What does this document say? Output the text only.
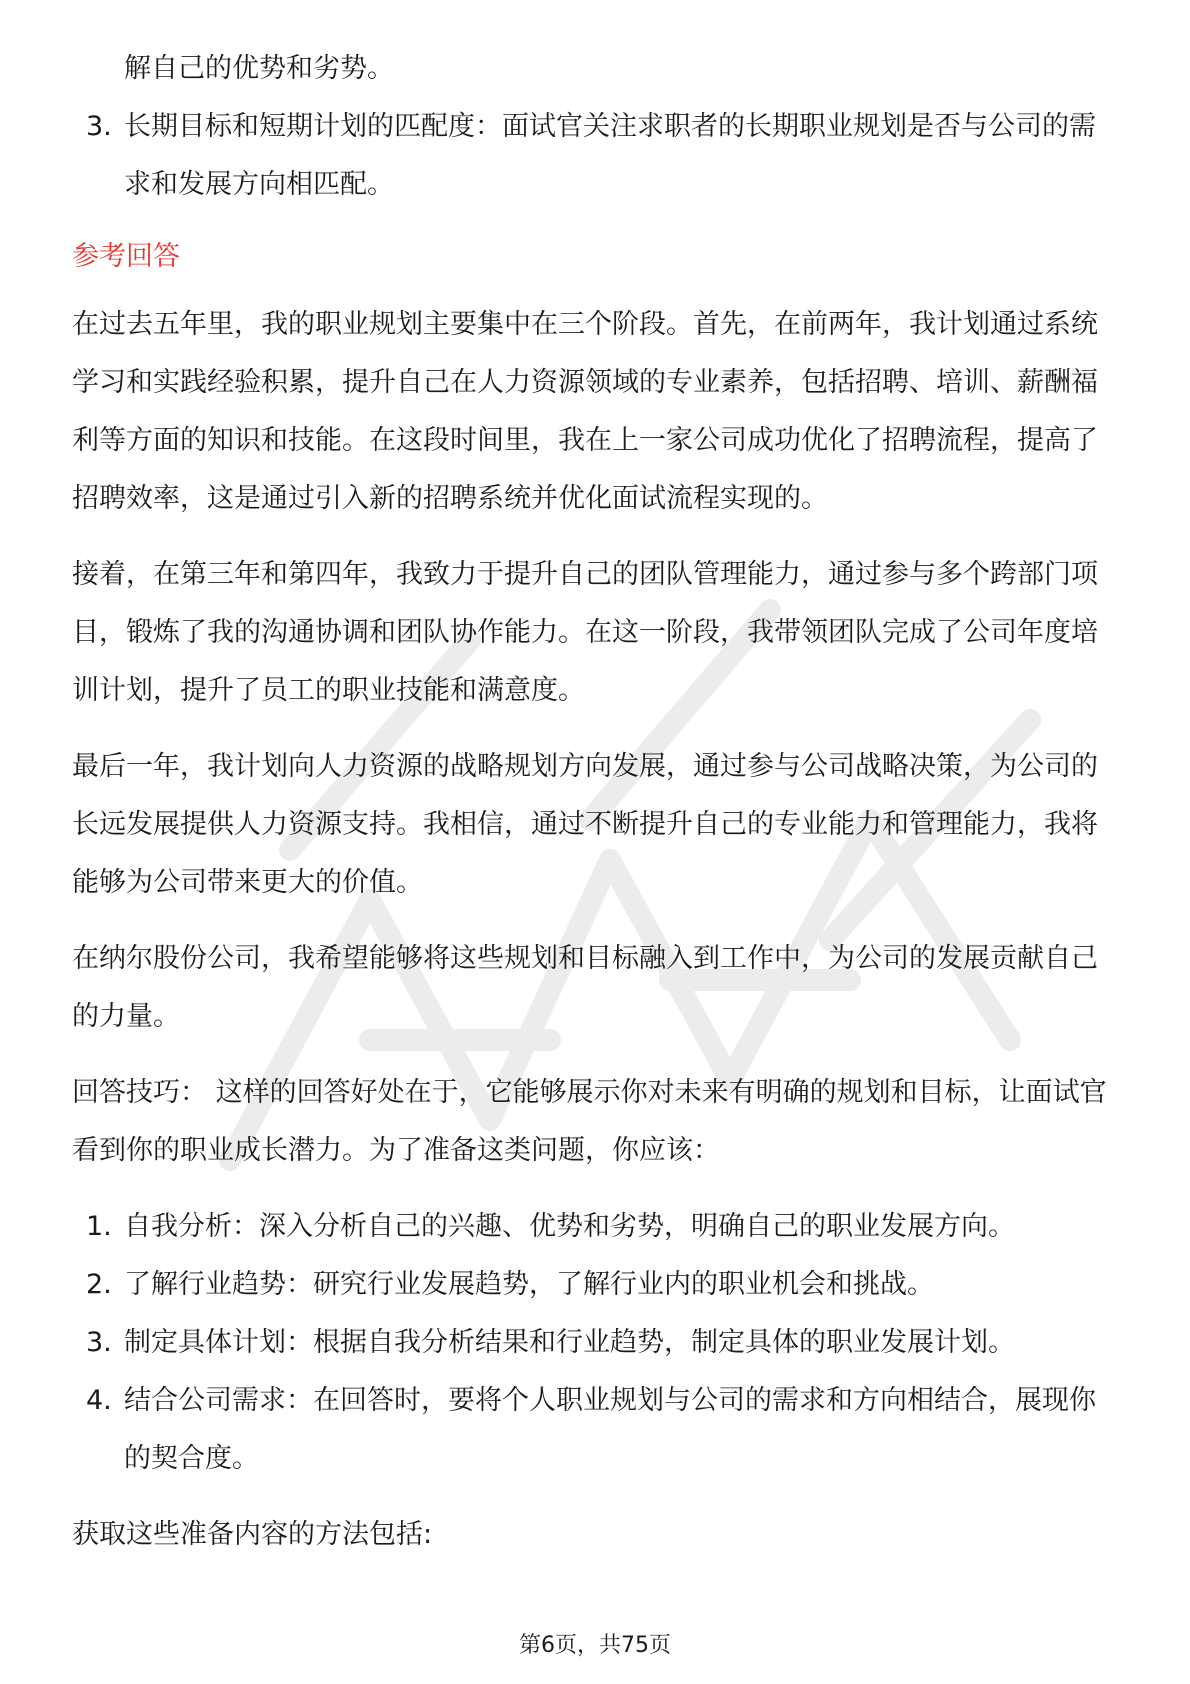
解自己的优势和劣势。

3. 长期目标和短期计划的匹配度：面试官关注求职者的长期职业规划是否与公司的需求和发展方向相匹配。
参考回答

在过去五年里，我的职业规划主要集中在三个阶段。首先，在前两年，我计划通过系统学习和实践经验积累，提升自己在人力资源领域的专业素养，包括招聘、培训、薪酬福利等方面的知识和技能。在这段时间里，我在上一家公司成功优化了招聘流程，提高了招聘效率，这是通过引入新的招聘系统并优化面试流程实现的。

接着，在第三年和第四年，我致力于提升自己的团队管理能力，通过参与多个跨部门项目，锻炼了我的沟通协调和团队协作能力。在这一阶段，我带领团队完成了公司年度培训计划，提升了员工的职业技能和满意度。

最后一年，我计划向人力资源的战略规划方向发展，通过参与公司战略决策，为公司的长远发展提供人力资源支持。我相信，通过不断提升自己的专业能力和管理能力，我将能够为公司带来更大的价值。

在纳尔股份公司，我希望能够将这些规划和目标融入到工作中，为公司的发展贡献自己的力量。

回答技巧： 这样的回答好处在于，它能够展示你对未来有明确的规划和目标，让面试官看到你的职业成长潜力。为了准备这类问题，你应该：

1. 自我分析：深入分析自己的兴趣、优势和劣势，明确自己的职业发展方向。
2. 了解行业趋势：研究行业发展趋势，了解行业内的职业机会和挑战。
3. 制定具体计划：根据自我分析结果和行业趋势，制定具体的职业发展计划。
4. 结合公司需求：在回答时，要将个人职业规划与公司的需求和方向相结合，展现你的契合度。

获取这些准备内容的方法包括:

第6页，共75页
